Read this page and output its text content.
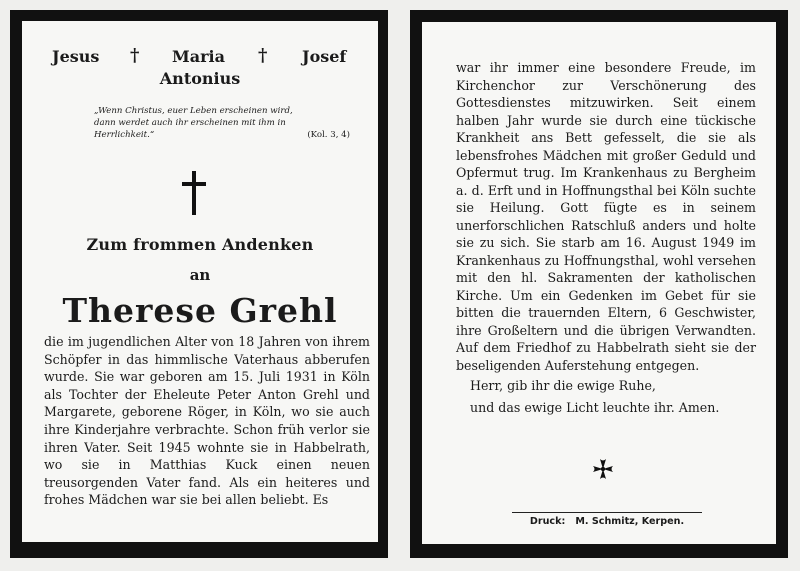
Jesus † Maria † Josef
Antonius
„Wenn Christus, euer Leben erscheinen wird,
dann werdet auch ihr erscheinen mit ihm in
Herrlichkeit.“	(Kol. 3, 4)
Zum frommen Andenken
an
Therese Grehl
die im jugendlichen Alter von 18 Jahren von ihrem Schöpfer in das himmlische Vaterhaus abberufen wurde. Sie war geboren am 15. Juli 1931 in Köln als Tochter der Eheleute Peter Anton Grehl und Margarete, geborene Röger, in Köln, wo sie auch ihre Kinderjahre verbrachte. Schon früh verlor sie ihren Vater. Seit 1945 wohnte sie in Habbelrath, wo sie in Matthias Kuck einen neuen treusorgenden Vater fand. Als ein heiteres und frohes Mädchen war sie bei allen beliebt. Es

war ihr immer eine besondere Freude, im Kirchenchor zur Verschönerung des Gottesdienstes mitzuwirken. Seit einem halben Jahr wurde sie durch eine tückische Krankheit ans Bett gefesselt, die sie als lebensfrohes Mädchen mit großer Geduld und Opfermut trug. Im Krankenhaus zu Bergheim a. d. Erft und in Hoffnungsthal bei Köln suchte sie Heilung. Gott fügte es in seinem unerforschlichen Ratschluß anders und holte sie zu sich. Sie starb am 16. August 1949 im Krankenhaus zu Hoffnungsthal, wohl versehen mit den hl. Sakramenten der katholischen Kirche. Um ein Gedenken im Gebet für sie bitten die trauernden Eltern, 6 Geschwister, ihre Großeltern und die übrigen Verwandten. Auf dem Friedhof zu Habbelrath sieht sie der beseligenden Auferstehung entgegen.

Herr, gib ihr die ewige Ruhe,
und das ewige Licht leuchte ihr. Amen.
Druck: M. Schmitz, Kerpen.
